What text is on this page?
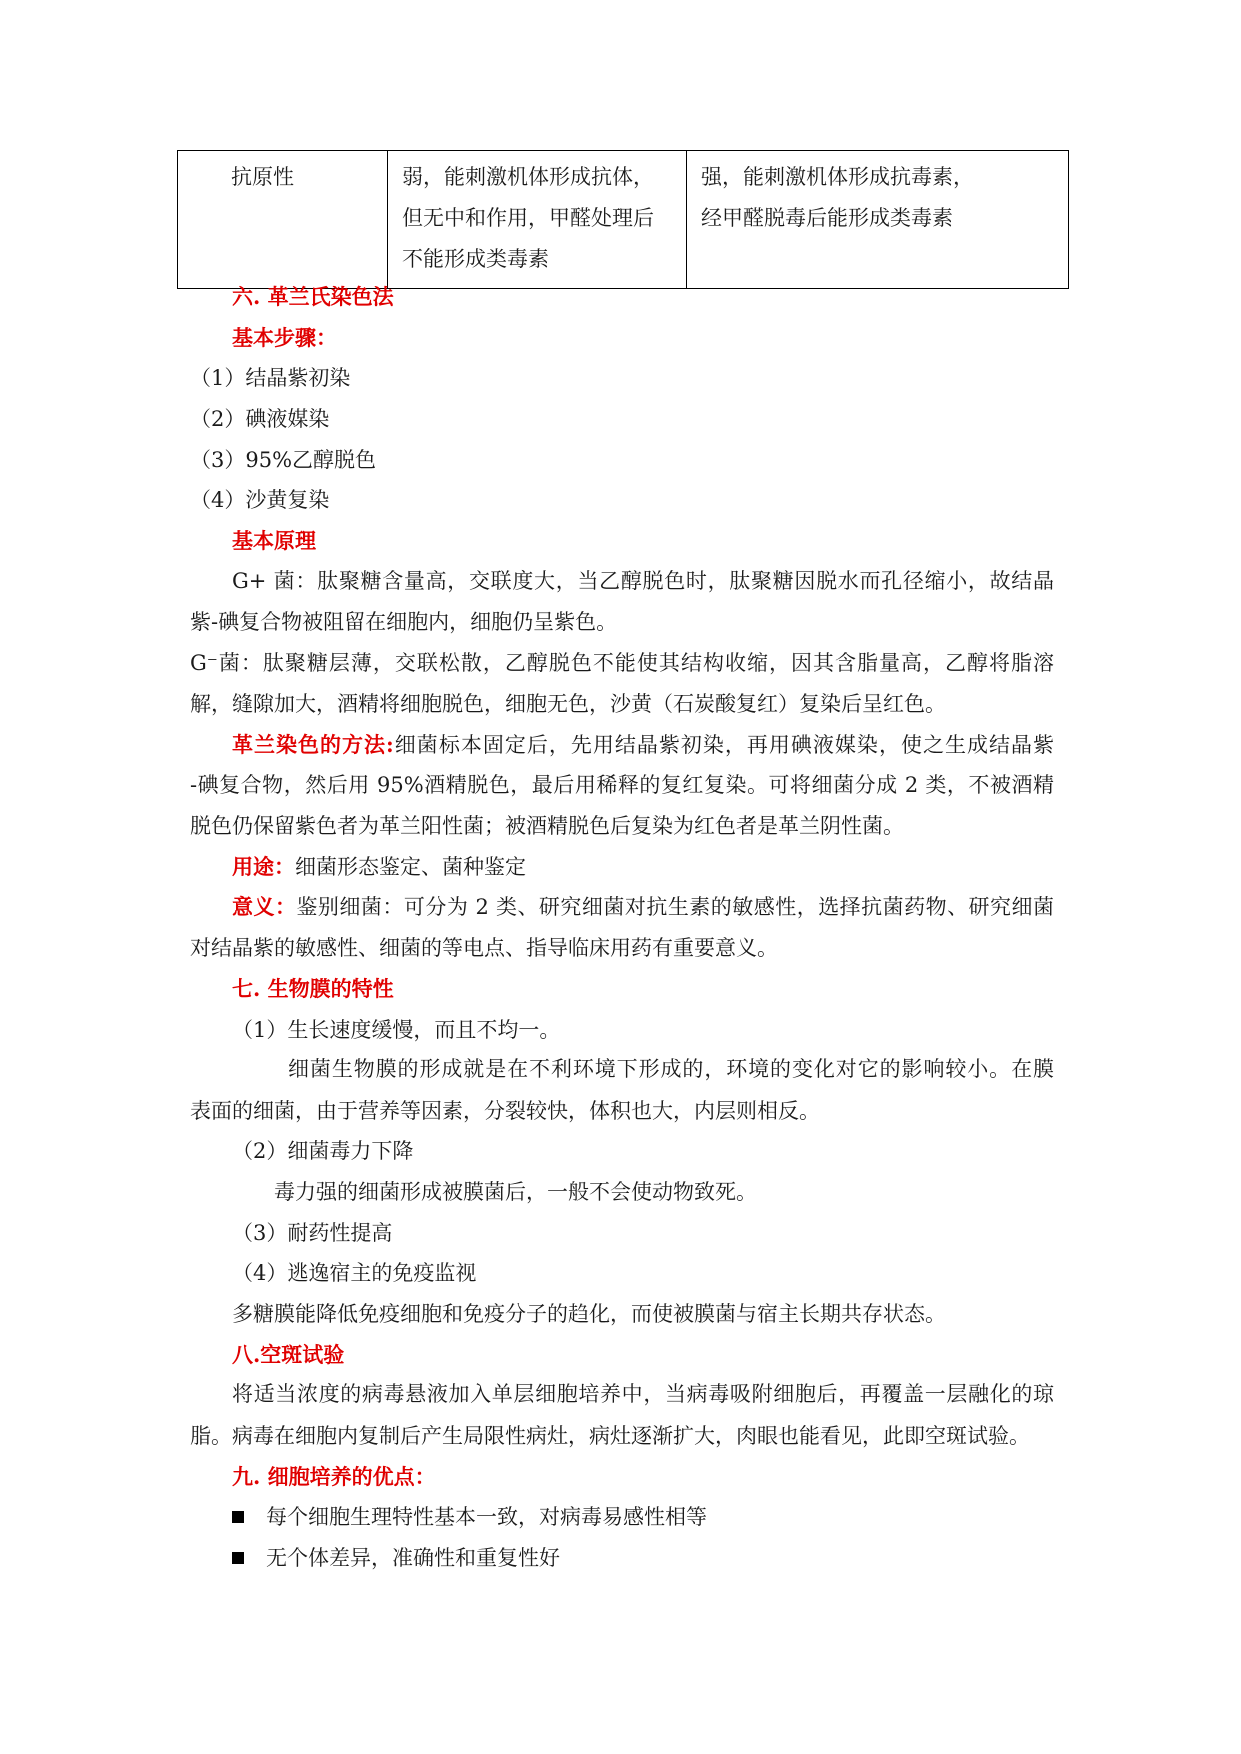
抗原性	弱，能刺激机体形成抗体，
但无中和作用，甲醛处理后
不能形成类毒素

强，能刺激机体形成抗毒素，
经甲醛脱毒后能形成类毒素
六. 革兰氏染色法
基本步骤：
（1）结晶紫初染
（2）碘液媒染
（3）95%乙醇脱色
（4）沙黄复染
基本原理
G+ 菌：肽聚糖含量高，交联度大，当乙醇脱色时，肽聚糖因脱水而孔径缩小，故结晶
紫-碘复合物被阻留在细胞内，细胞仍呈紫色。
G⁻菌：肽聚糖层薄，交联松散，乙醇脱色不能使其结构收缩，因其含脂量高，乙醇将脂溶
解，缝隙加大，酒精将细胞脱色，细胞无色，沙黄（石炭酸复红）复染后呈红色。
革兰染色的方法:细菌标本固定后，先用结晶紫初染，再用碘液媒染，使之生成结晶紫
-碘复合物，然后用 95%酒精脱色，最后用稀释的复红复染。可将细菌分成 2 类，不被酒精
脱色仍保留紫色者为革兰阳性菌；被酒精脱色后复染为红色者是革兰阴性菌。
用途：细菌形态鉴定、菌种鉴定
意义：鉴别细菌：可分为 2 类、研究细菌对抗生素的敏感性，选择抗菌药物、研究细菌
对结晶紫的敏感性、细菌的等电点、指导临床用药有重要意义。
七. 生物膜的特性
（1）生长速度缓慢，而且不均一。
细菌生物膜的形成就是在不利环境下形成的，环境的变化对它的影响较小。在膜
表面的细菌，由于营养等因素，分裂较快，体积也大，内层则相反。
（2）细菌毒力下降
毒力强的细菌形成被膜菌后，一般不会使动物致死。
（3）耐药性提高
（4）逃逸宿主的免疫监视
多糖膜能降低免疫细胞和免疫分子的趋化，而使被膜菌与宿主长期共存状态。
八.空斑试验
将适当浓度的病毒悬液加入单层细胞培养中，当病毒吸附细胞后，再覆盖一层融化的琼
脂。病毒在细胞内复制后产生局限性病灶，病灶逐渐扩大，肉眼也能看见，此即空斑试验。
九. 细胞培养的优点：
每个细胞生理特性基本一致，对病毒易感性相等
无个体差异，准确性和重复性好
